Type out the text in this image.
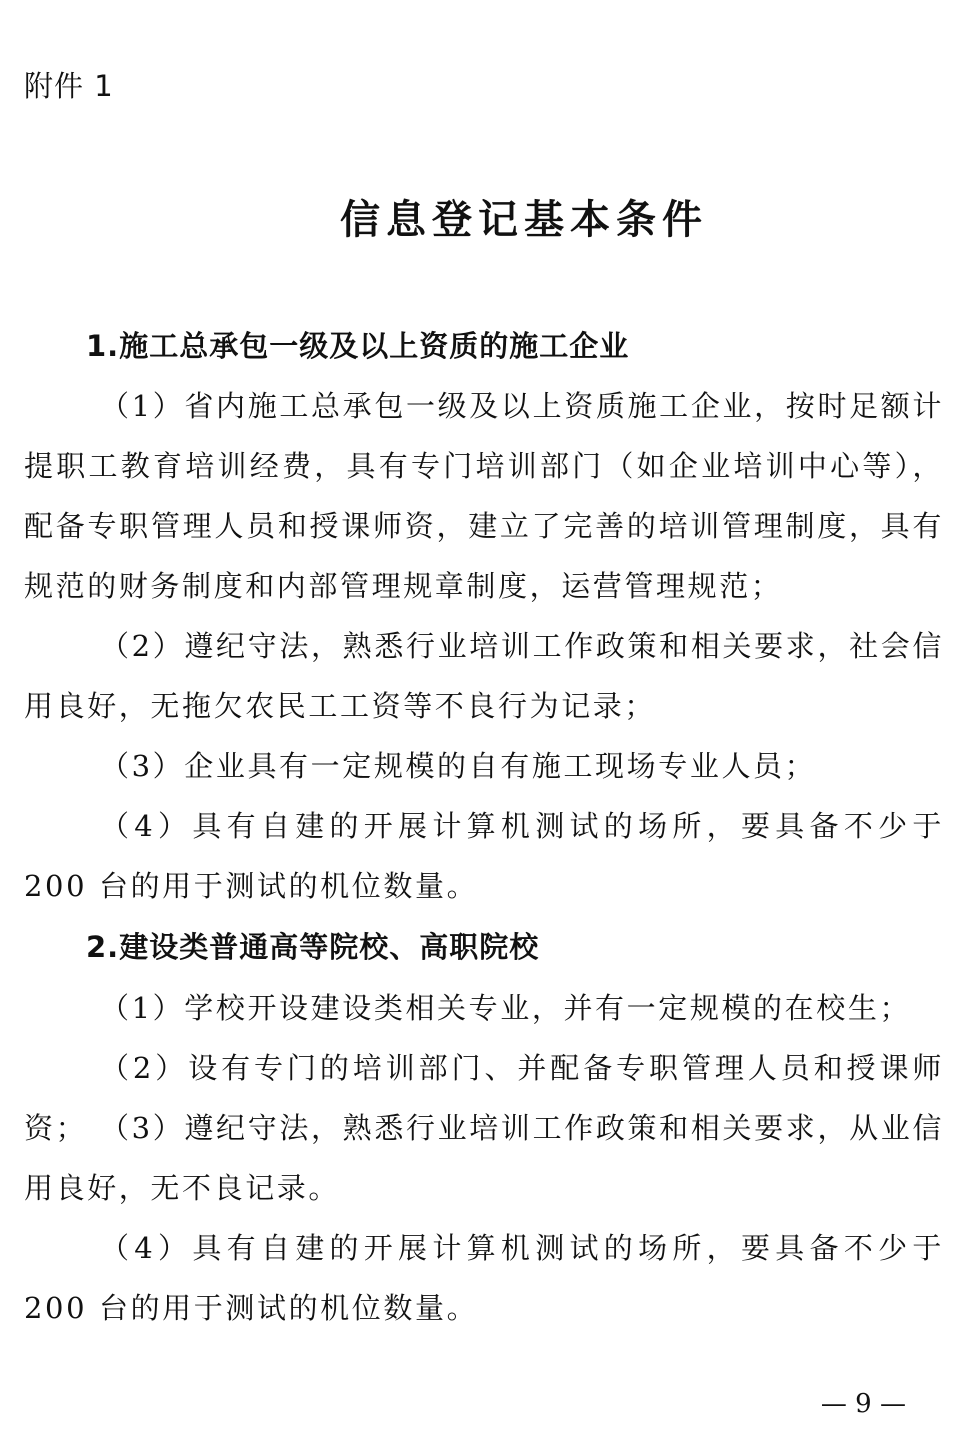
附件 1
信息登记基本条件
1.施工总承包一级及以上资质的施工企业
（1）省内施工总承包一级及以上资质施工企业，按时足额计提职工教育培训经费，具有专门培训部门（如企业培训中心等），配备专职管理人员和授课师资，建立了完善的培训管理制度，具有规范的财务制度和内部管理规章制度，运营管理规范；
（2）遵纪守法，熟悉行业培训工作政策和相关要求，社会信用良好，无拖欠农民工工资等不良行为记录；
（3）企业具有一定规模的自有施工现场专业人员；
（4）具有自建的开展计算机测试的场所，要具备不少于 200 台的用于测试的机位数量。
2.建设类普通高等院校、高职院校
（1）学校开设建设类相关专业，并有一定规模的在校生；
（2）设有专门的培训部门、并配备专职管理人员和授课师资； （3）遵纪守法，熟悉行业培训工作政策和相关要求，从业信用良好，无不良记录。
（4）具有自建的开展计算机测试的场所，要具备不少于 200 台的用于测试的机位数量。
— 9 —
